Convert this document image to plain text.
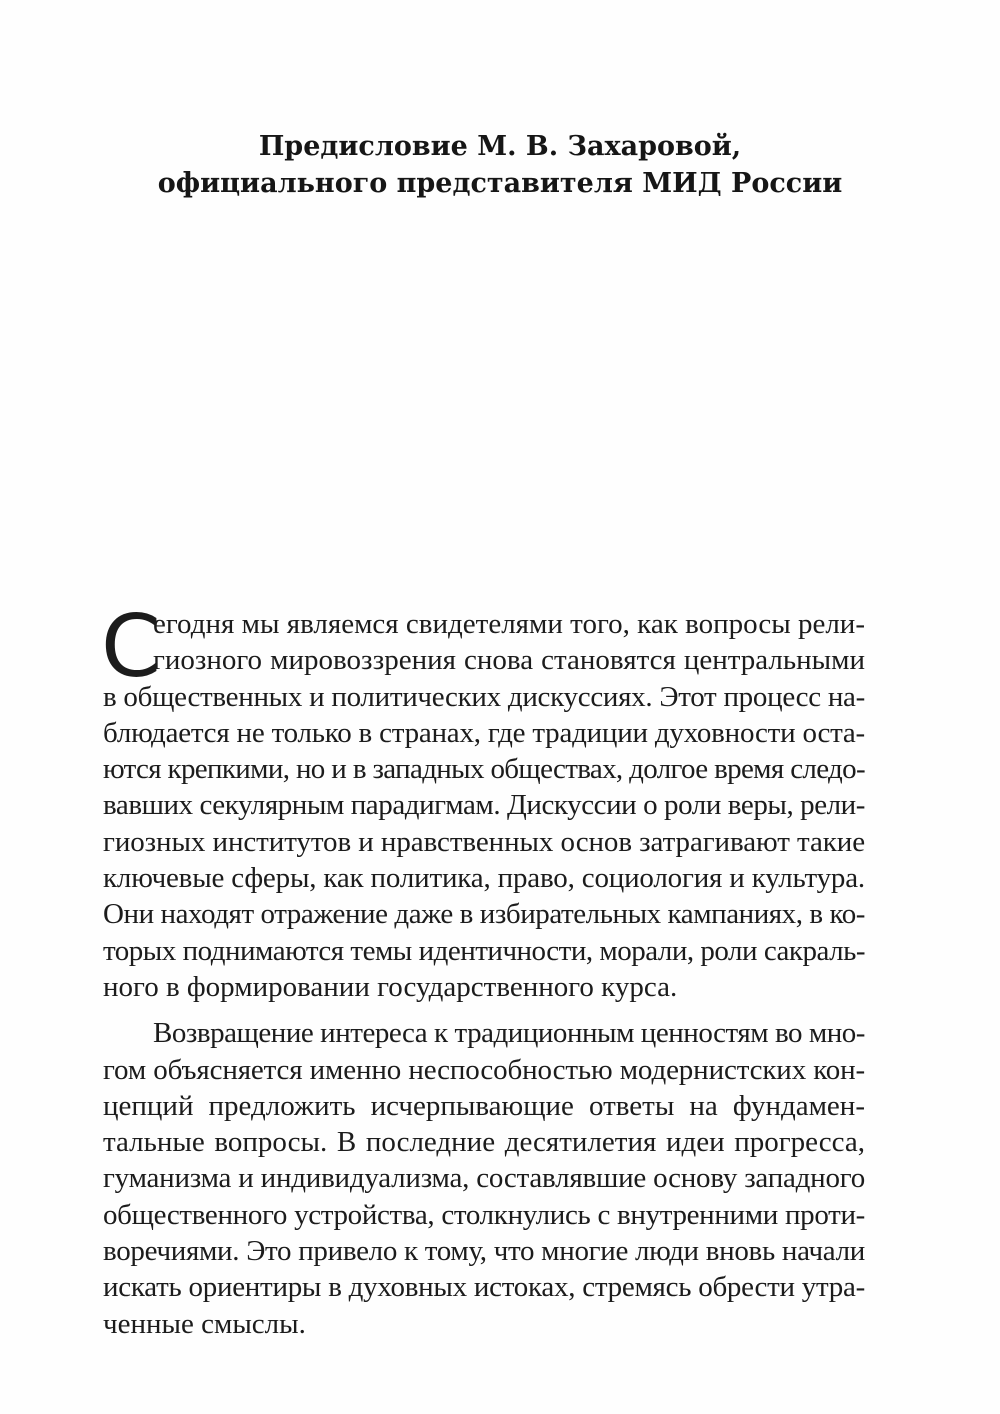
Предисловие М. В. Захаровой,
официального представителя МИД России
С
егодня мы являемся свидетелями того, как вопросы рели-
гиозного мировоззрения снова становятся центральными
в общественных и политических дискуссиях. Этот процесс на-
блюдается не только в странах, где традиции духовности оста-
ются крепкими, но и в западных обществах, долгое время следо-
вавших секулярным парадигмам. Дискуссии о роли веры, рели-
гиозных институтов и нравственных основ затрагивают такие
ключевые сферы, как политика, право, социология и культура.
Они находят отражение даже в избирательных кампаниях, в ко-
торых поднимаются темы идентичности, морали, роли сакраль-
ного в формировании государственного курса.
Возвращение интереса к традиционным ценностям во мно-
гом объясняется именно неспособностью модернистских кон-
цепций предложить исчерпывающие ответы на фундамен-
тальные вопросы. В последние десятилетия идеи прогресса,
гуманизма и индивидуализма, составлявшие основу западного
общественного устройства, столкнулись с внутренними проти-
воречиями. Это привело к тому, что многие люди вновь начали
искать ориентиры в духовных истоках, стремясь обрести утра-
ченные смыслы.
